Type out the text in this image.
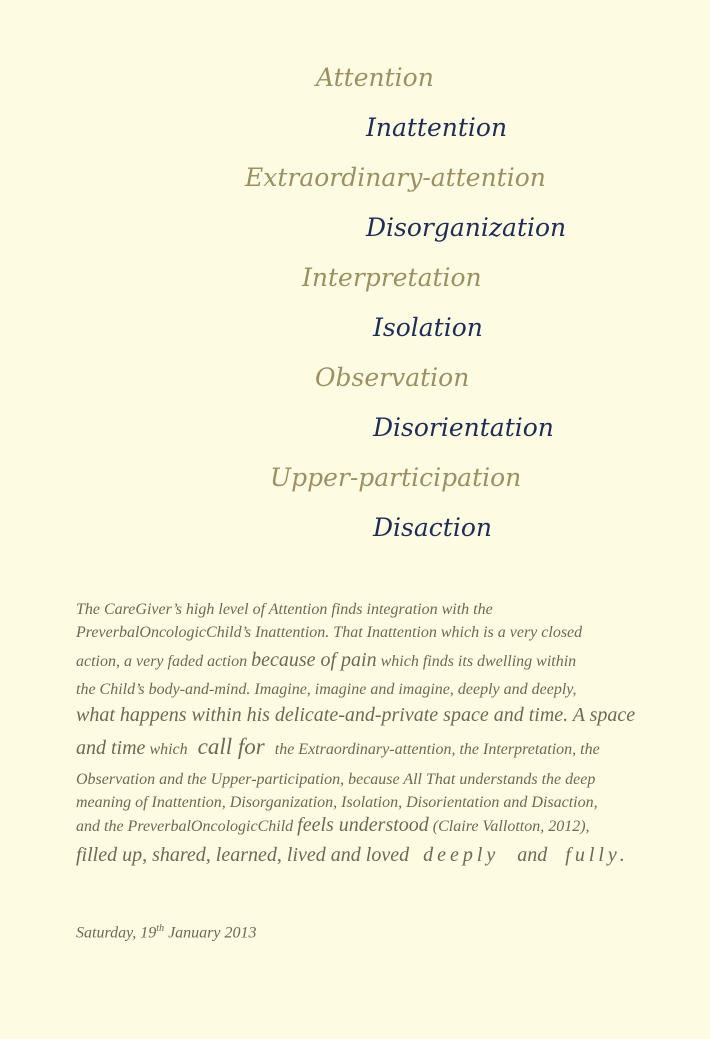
Attention
Inattention
Extraordinary-attention
Disorganization
Interpretation
Isolation
Observation
Disorientation
Upper-participation
Disaction
The CareGiver’s high level of Attention finds integration with the
PreverbalOncologicChild’s Inattention. That Inattention which is a very closed
action, a very faded action because of pain which finds its dwelling within
the Child’s body-and-mind. Imagine, imagine and imagine, deeply and deeply,
what happens within his delicate-and-private space and time. A space
and time which call for the Extraordinary-attention, the Interpretation, the
Observation and the Upper-participation, because All That understands the deep
meaning of Inattention, Disorganization, Isolation, Disorientation and Disaction,
and the PreverbalOncologicChild feels understood (Claire Vallotton, 2012),
filled up, shared, learned, lived and loved deeply and fully.
Saturday, 19th January 2013
